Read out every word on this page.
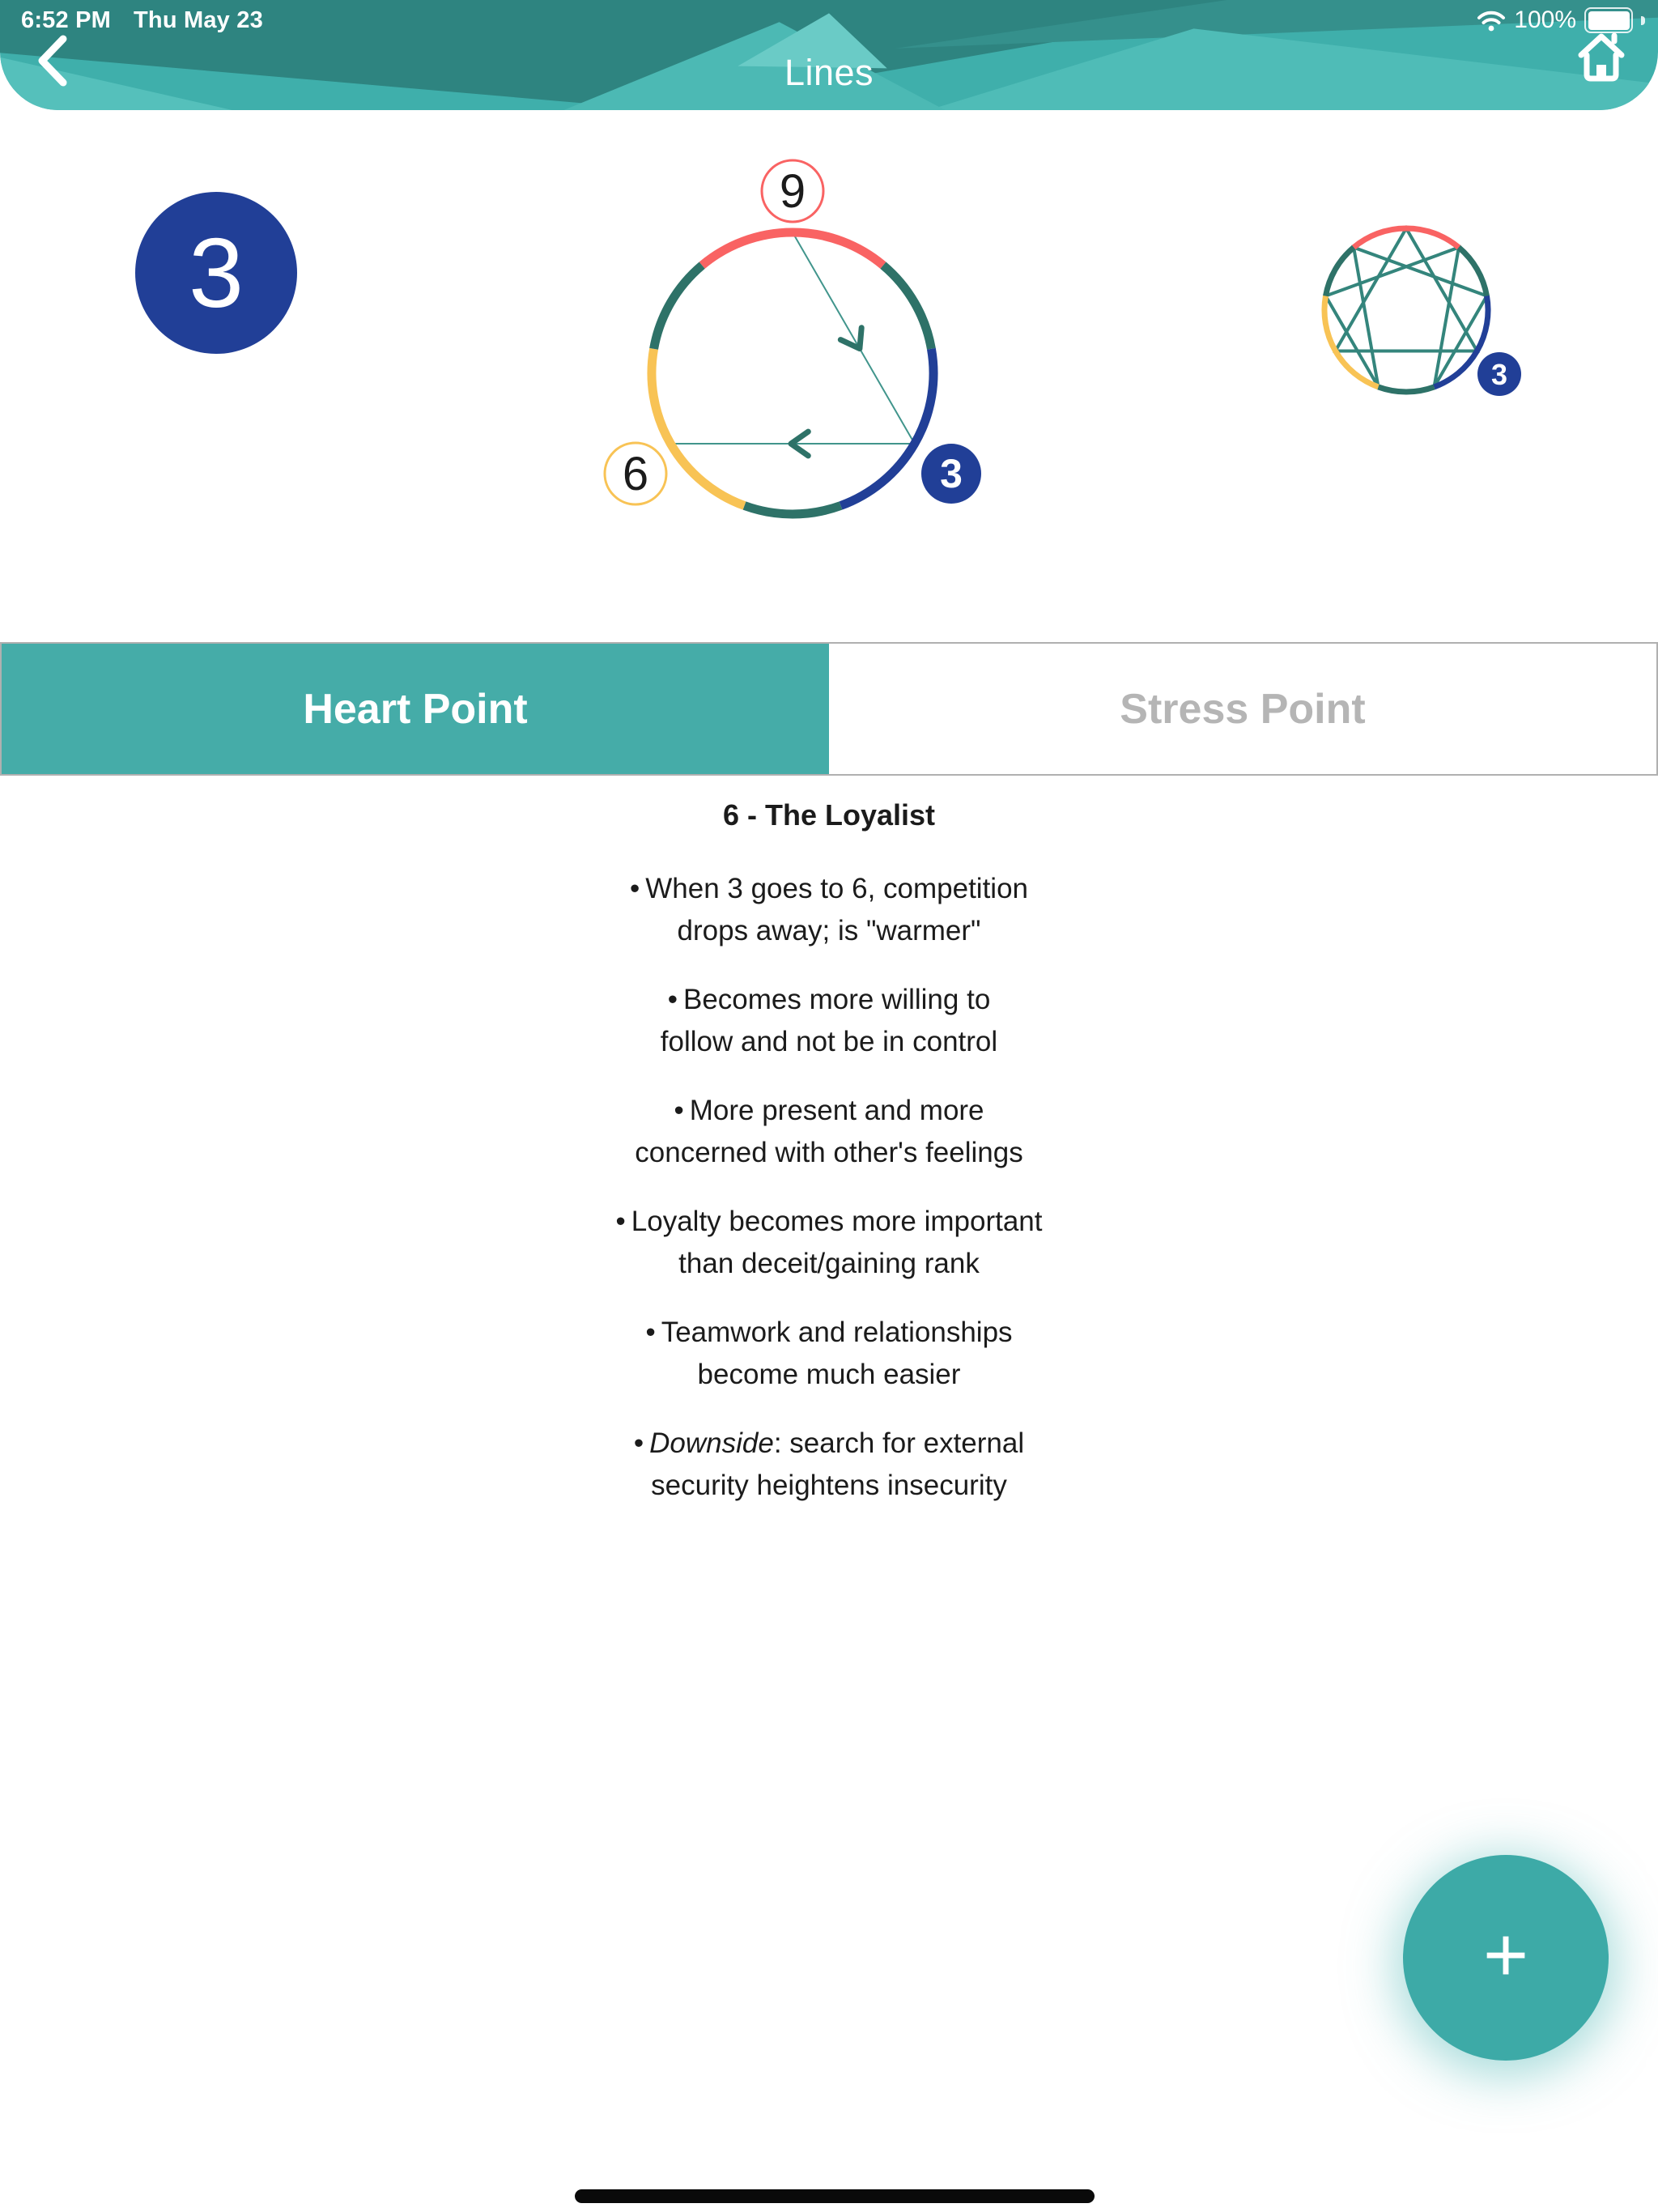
6:52 PM Thu May 23	100%
Lines
3
9
6	3
3
Heart Point	Stress Point
6 - The Loyalist

• When 3 goes to 6, competition
drops away; is "warmer"

• Becomes more willing to
follow and not be in control

• More present and more
concerned with other's feelings

• Loyalty becomes more important
than deceit/gaining rank

• Teamwork and relationships
become much easier

• Downside: search for external
security heightens insecurity

+
